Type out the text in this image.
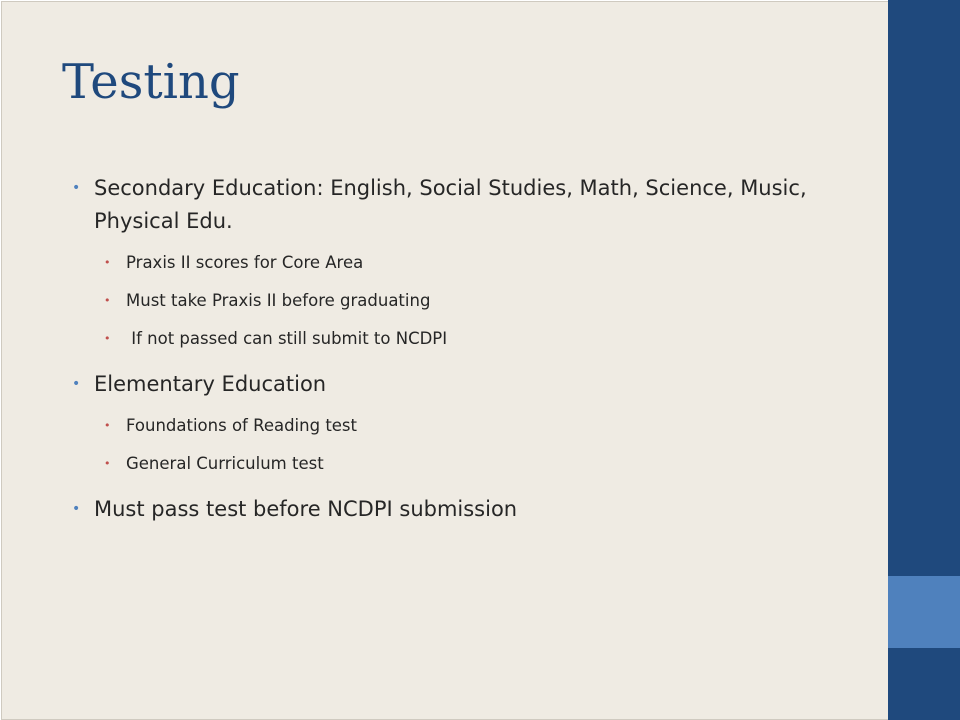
Testing
• Secondary Education: English, Social Studies, Math, Science, Music, Physical Edu.
• Praxis II scores for Core Area
• Must take Praxis II before graduating
• If not passed can still submit to NCDPI
• Elementary Education
• Foundations of Reading test
• General Curriculum test
• Must pass test before NCDPI submission
